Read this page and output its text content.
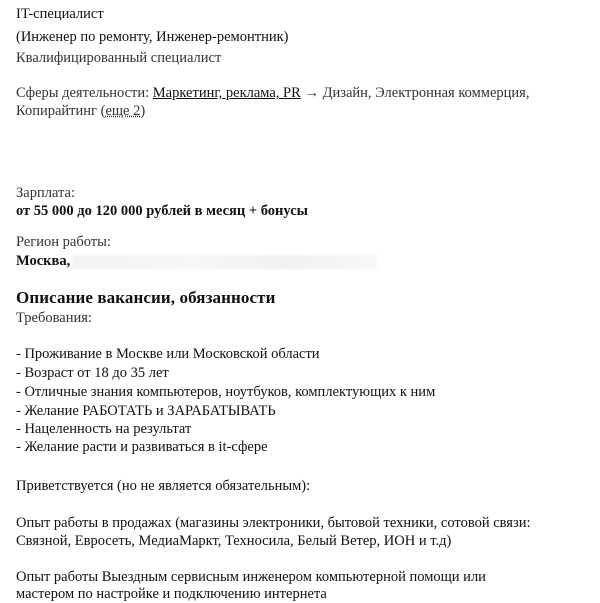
IT-специалист
(Инженер по ремонту, Инженер-ремонтник)
Квалифицированный специалист
Сферы деятельности: Маркетинг, реклама, PR → Дизайн, Электронная коммерция,
Копирайтинг (еще 2)
Зарплата:
от 55 000 до 120 000 рублей в месяц + бонусы
Регион работы:
Москва,
Описание вакансии, обязанности
Требования:
- Проживание в Москве или Московской области
- Возраст от 18 до 35 лет
- Отличные знания компьютеров, ноутбуков, комплектующих к ним
- Желание РАБОТАТЬ и ЗАРАБАТЫВАТЬ
- Нацеленность на результат
- Желание расти и развиваться в it-сфере
Приветствуется (но не является обязательным):
Опыт работы в продажах (магазины электроники, бытовой техники, сотовой связи:
Связной, Евросеть, МедиаМаркт, Техносила, Белый Ветер, ИОН и т.д)
Опыт работы Выездным сервисным инженером компьютерной помощи или
мастером по настройке и подключению интернета
